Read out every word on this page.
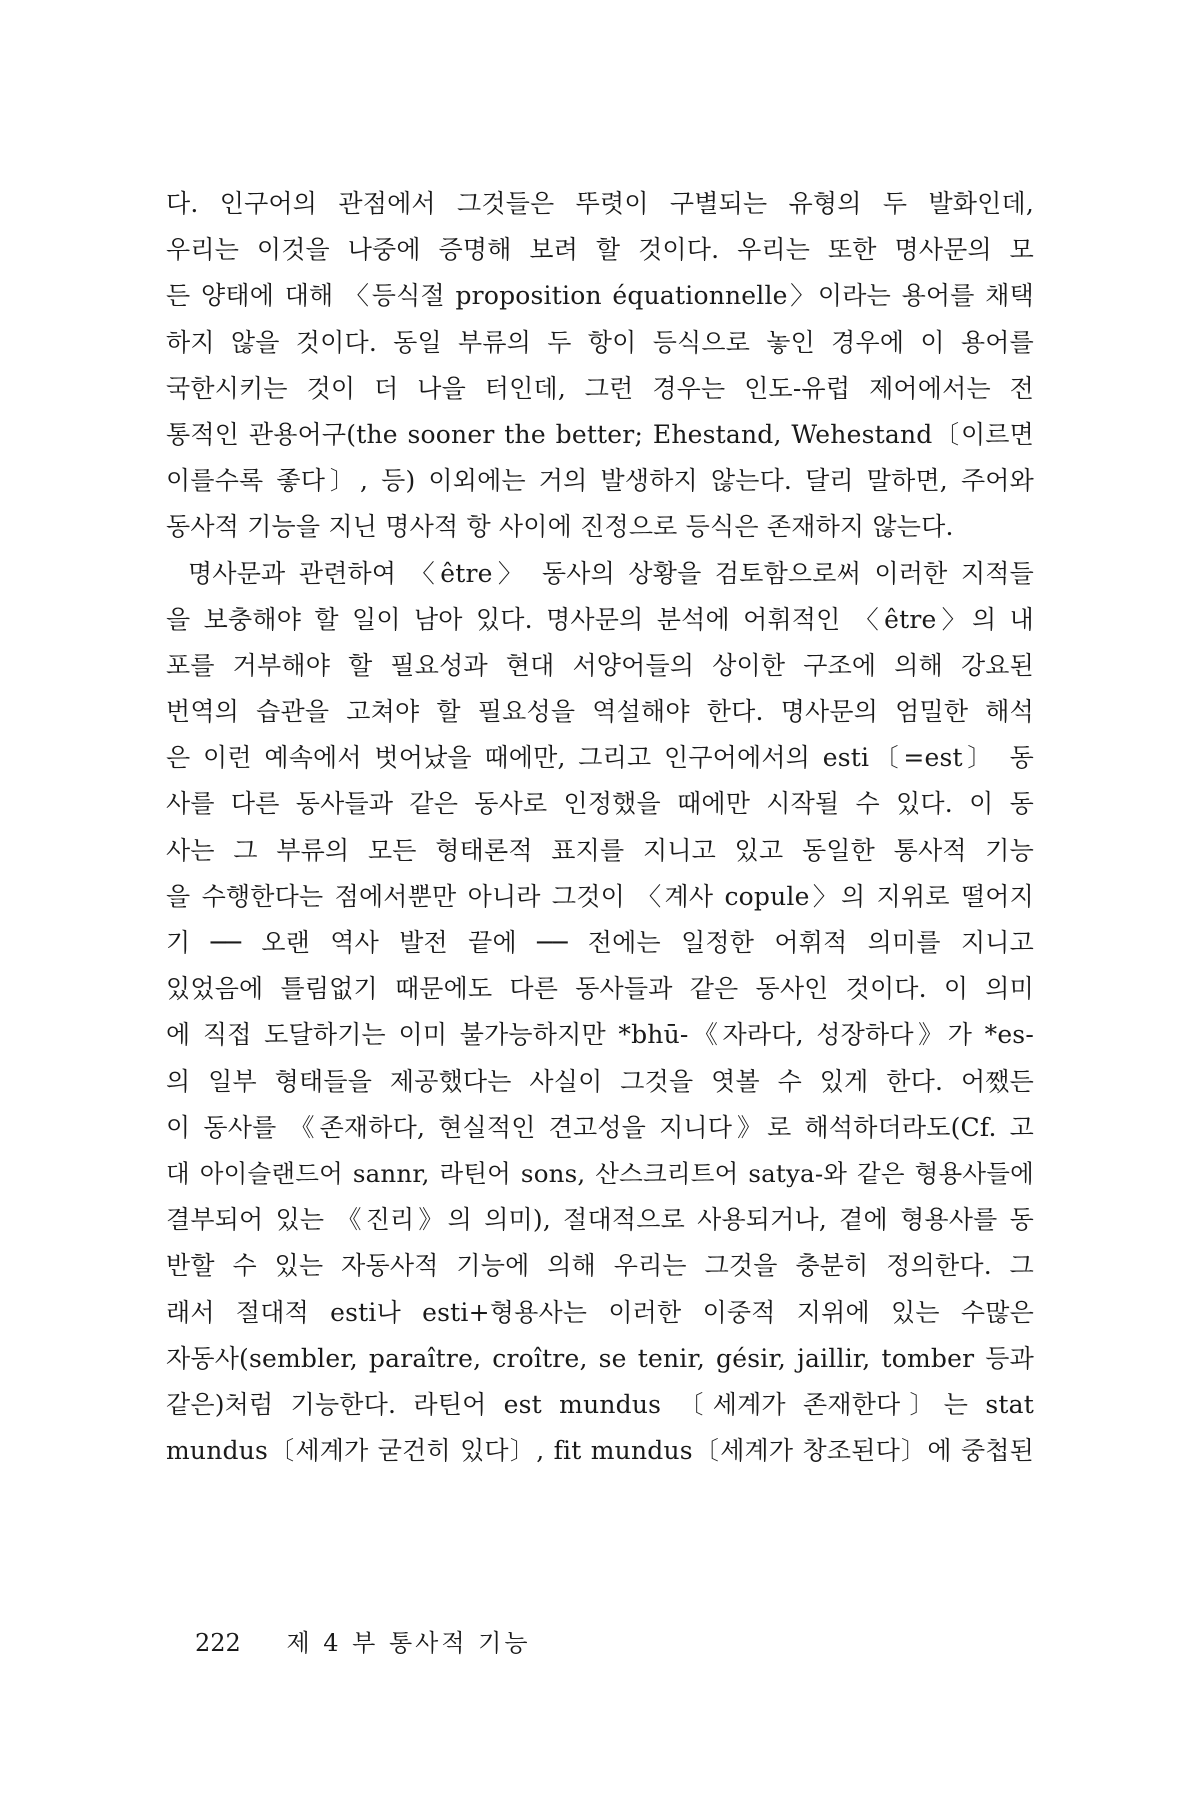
다. 인구어의 관점에서 그것들은 뚜렷이 구별되는 유형의 두 발화인데,
우리는 이것을 나중에 증명해 보려 할 것이다. 우리는 또한 명사문의 모
든 양태에 대해 〈등식절 proposition équationnelle〉이라는 용어를 채택
하지 않을 것이다. 동일 부류의 두 항이 등식으로 놓인 경우에 이 용어를
국한시키는 것이 더 나을 터인데, 그런 경우는 인도-유럽 제어에서는 전
통적인 관용어구(the sooner the better; Ehestand, Wehestand〔이르면
이를수록 좋다〕, 등) 이외에는 거의 발생하지 않는다. 달리 말하면, 주어와
동사적 기능을 지닌 명사적 항 사이에 진정으로 등식은 존재하지 않는다.
명사문과 관련하여 〈être〉 동사의 상황을 검토함으로써 이러한 지적들
을 보충해야 할 일이 남아 있다. 명사문의 분석에 어휘적인 〈être〉의 내
포를 거부해야 할 필요성과 현대 서양어들의 상이한 구조에 의해 강요된
번역의 습관을 고쳐야 할 필요성을 역설해야 한다. 명사문의 엄밀한 해석
은 이런 예속에서 벗어났을 때에만, 그리고 인구어에서의 esti〔=est〕 동
사를 다른 동사들과 같은 동사로 인정했을 때에만 시작될 수 있다. 이 동
사는 그 부류의 모든 형태론적 표지를 지니고 있고 동일한 통사적 기능
을 수행한다는 점에서뿐만 아니라 그것이 〈계사 copule〉의 지위로 떨어지
기 ── 오랜 역사 발전 끝에 ── 전에는 일정한 어휘적 의미를 지니고
있었음에 틀림없기 때문에도 다른 동사들과 같은 동사인 것이다. 이 의미
에 직접 도달하기는 이미 불가능하지만 *bhū-《자라다, 성장하다》가 *es-
의 일부 형태들을 제공했다는 사실이 그것을 엿볼 수 있게 한다. 어쨌든
이 동사를 《존재하다, 현실적인 견고성을 지니다》로 해석하더라도(Cf. 고
대 아이슬랜드어 sannr, 라틴어 sons, 산스크리트어 satya-와 같은 형용사들에
결부되어 있는 《진리》의 의미), 절대적으로 사용되거나, 곁에 형용사를 동
반할 수 있는 자동사적 기능에 의해 우리는 그것을 충분히 정의한다. 그
래서 절대적 esti나 esti+형용사는 이러한 이중적 지위에 있는 수많은
자동사(sembler, paraître, croître, se tenir, gésir, jaillir, tomber 등과
같은)처럼 기능한다. 라틴어 est mundus 〔세계가 존재한다〕는 stat
mundus〔세계가 굳건히 있다〕, fit mundus〔세계가 창조된다〕에 중첩된
222 제 4 부 통사적 기능
